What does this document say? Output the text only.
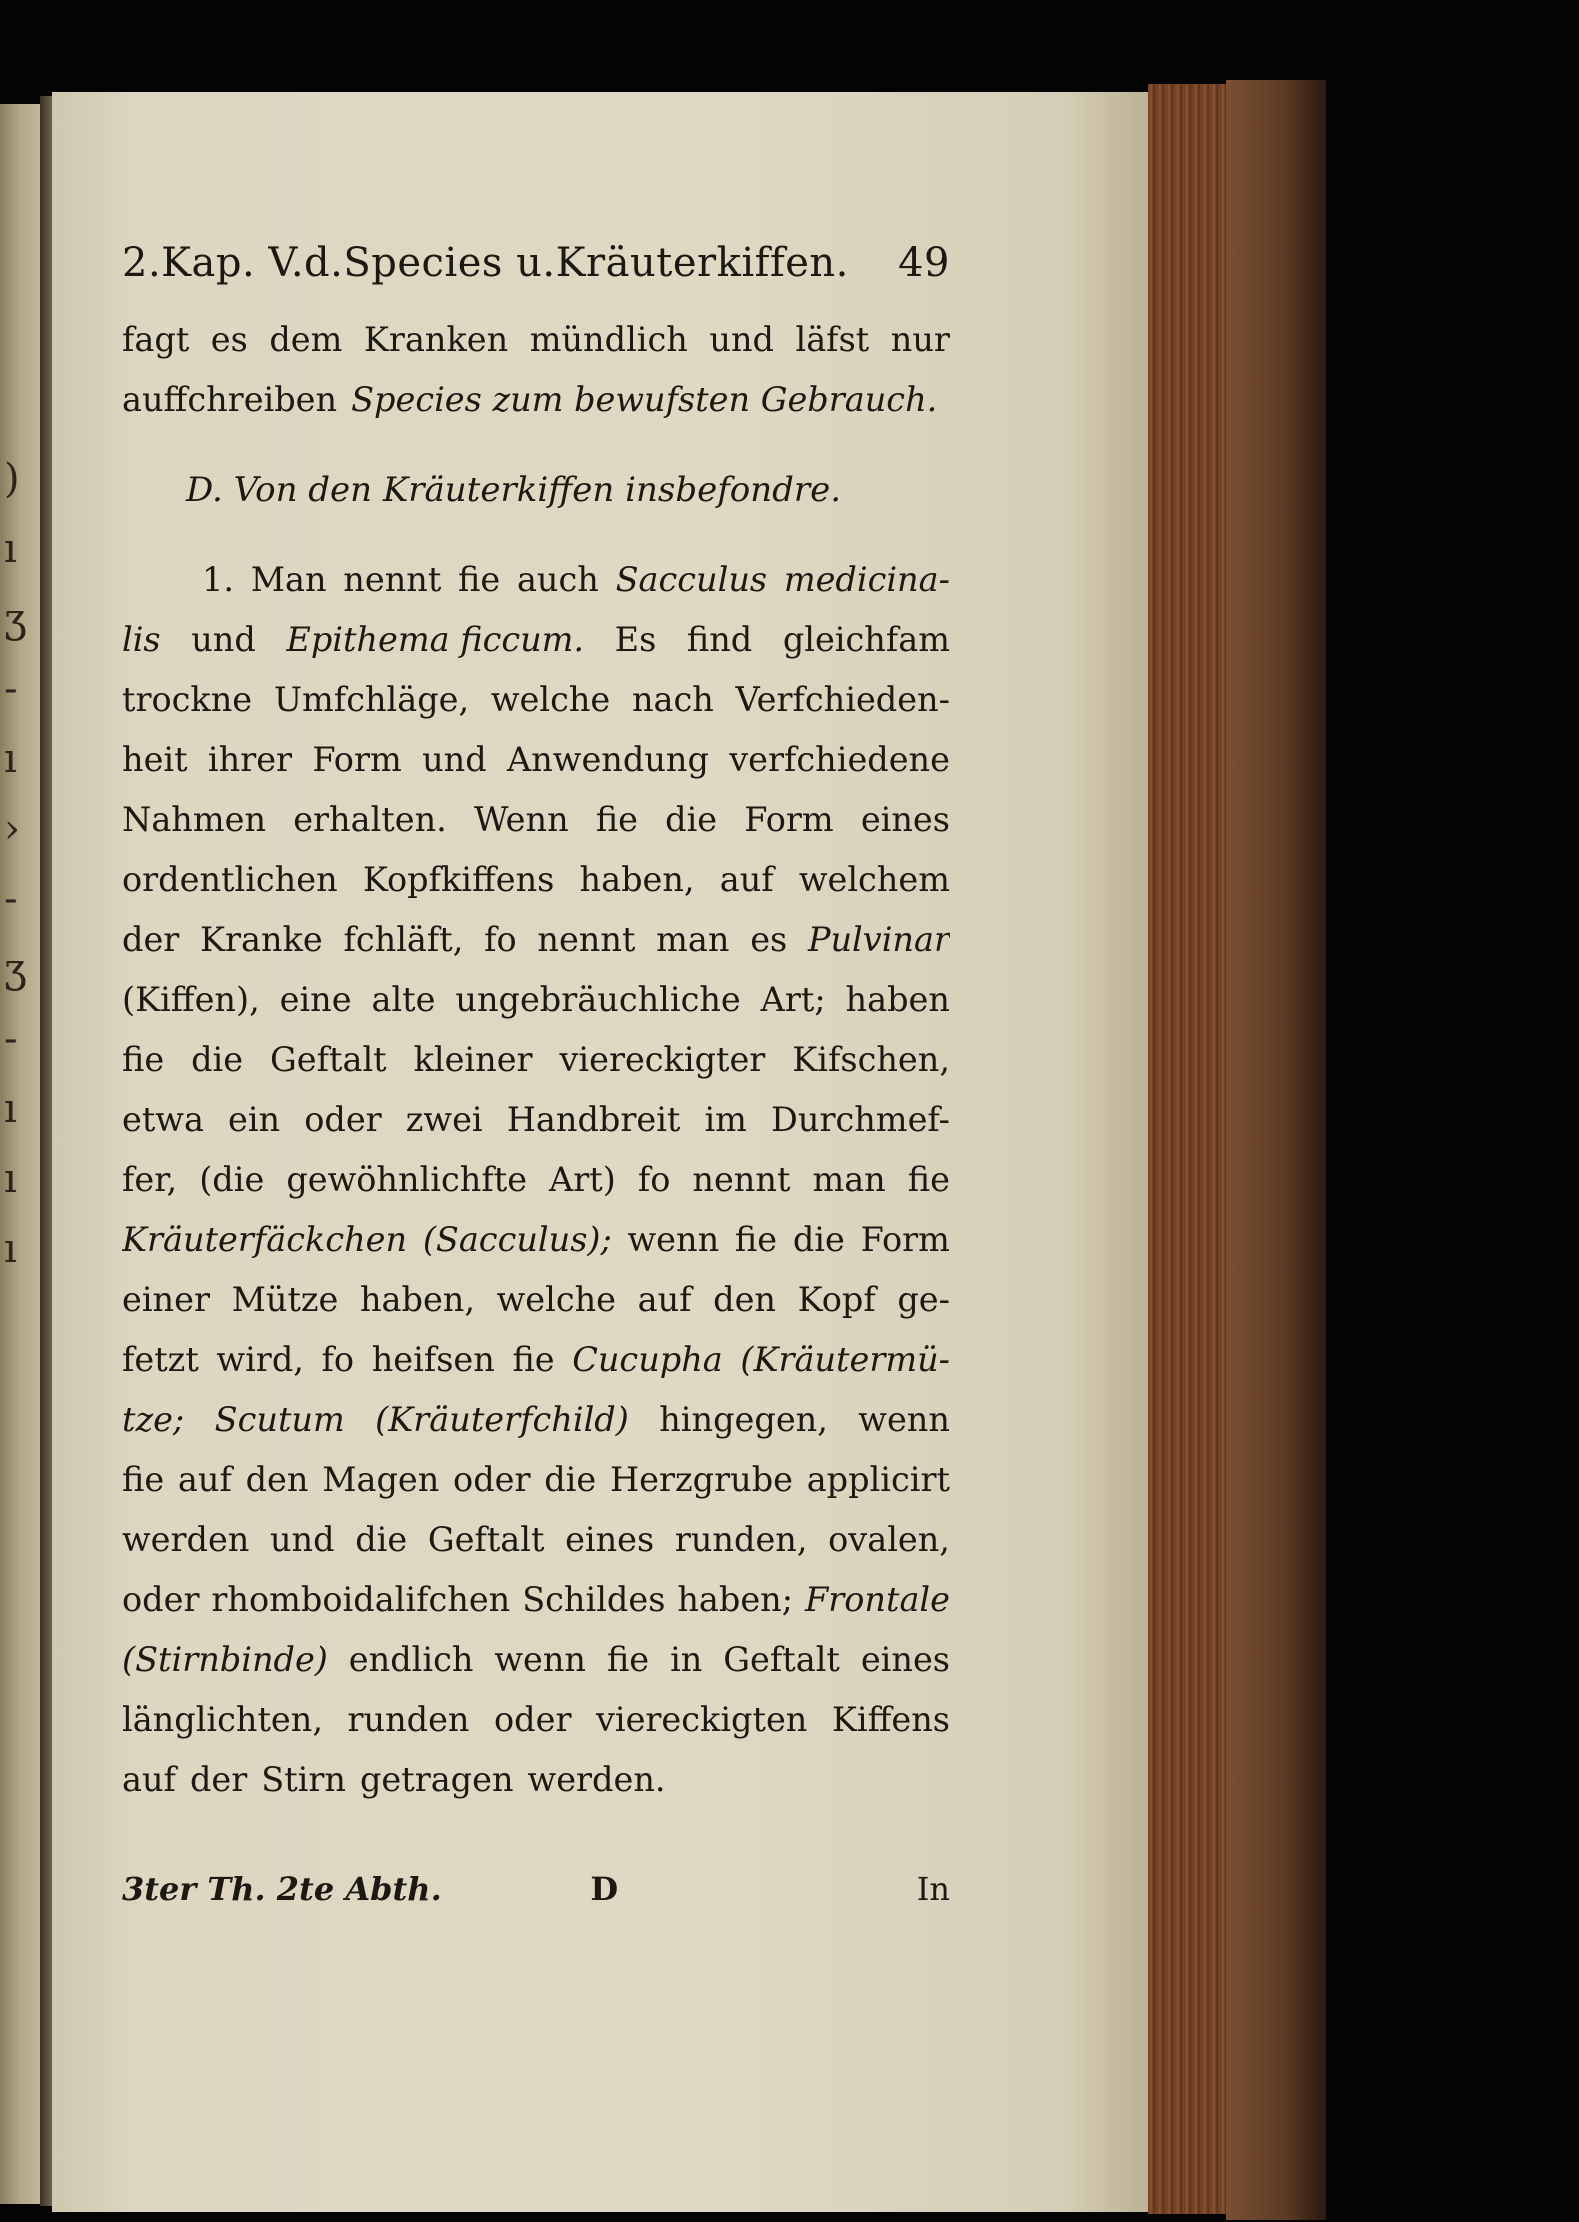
)
ı
ʒ
-
ı
›
-
ʒ
-
ı
ı
ı
2.Kap. V.d.Species u.Kräuterkiffen. 49
fagt es dem Kranken mündlich und läfst nur
auffchreiben Species zum bewufsten Gebrauch.
D. Von den Kräuterkiffen insbefondre.
1. Man nennt fie auch Sacculus medicina-
lis und Epithema ficcum. Es find gleichfam
trockne Umfchläge, welche nach Verfchieden-
heit ihrer Form und Anwendung verfchiedene
Nahmen erhalten. Wenn fie die Form eines
ordentlichen Kopfkiffens haben, auf welchem
der Kranke fchläft, fo nennt man es Pulvinar
(Kiffen), eine alte ungebräuchliche Art; haben
fie die Geftalt kleiner viereckigter Kifschen,
etwa ein oder zwei Handbreit im Durchmef-
fer, (die gewöhnlichfte Art) fo nennt man fie
Kräuterfäckchen (Sacculus); wenn fie die Form
einer Mütze haben, welche auf den Kopf ge-
fetzt wird, fo heifsen fie Cucupha (Kräutermü-
tze; Scutum (Kräuterfchild) hingegen, wenn
fie auf den Magen oder die Herzgrube applicirt
werden und die Geftalt eines runden, ovalen,
oder rhomboidalifchen Schildes haben; Frontale
(Stirnbinde) endlich wenn fie in Geftalt eines
länglichten, runden oder viereckigten Kiffens
auf der Stirn getragen werden.
3ter Th. 2te Abth.	D	In
